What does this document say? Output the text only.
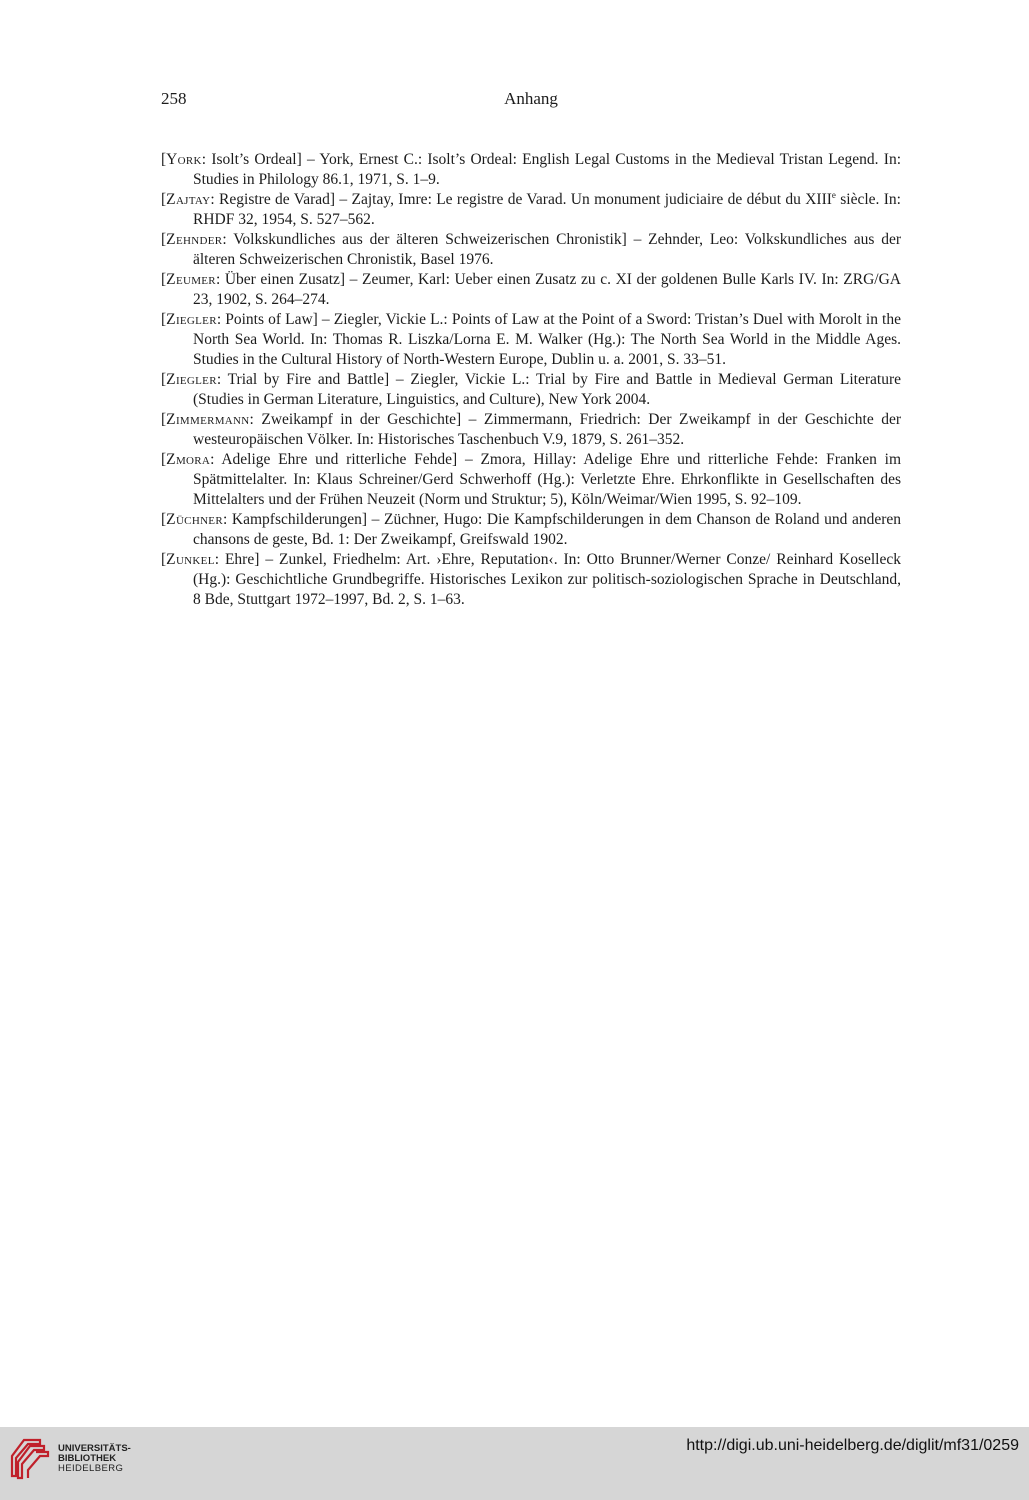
258	Anhang
[York: Isolt’s Ordeal] – York, Ernest C.: Isolt’s Ordeal: English Legal Customs in the Medieval Tristan Legend. In: Studies in Philology 86.1, 1971, S. 1–9.
[Zajtay: Registre de Varad] – Zajtay, Imre: Le registre de Varad. Un monument judiciaire de début du XIIIe siècle. In: RHDF 32, 1954, S. 527–562.
[Zehnder: Volkskundliches aus der älteren Schweizerischen Chronistik] – Zehnder, Leo: Volkskundliches aus der älteren Schweizerischen Chronistik, Basel 1976.
[Zeumer: Über einen Zusatz] – Zeumer, Karl: Ueber einen Zusatz zu c. XI der goldenen Bulle Karls IV. In: ZRG/GA 23, 1902, S. 264–274.
[Ziegler: Points of Law] – Ziegler, Vickie L.: Points of Law at the Point of a Sword: Tristan’s Duel with Morolt in the North Sea World. In: Thomas R. Liszka/Lorna E. M. Walker (Hg.): The North Sea World in the Middle Ages. Studies in the Cultural History of North-Western Europe, Dublin u. a. 2001, S. 33–51.
[Ziegler: Trial by Fire and Battle] – Ziegler, Vickie L.: Trial by Fire and Battle in Medieval German Literature (Studies in German Literature, Linguistics, and Culture), New York 2004.
[Zimmermann: Zweikampf in der Geschichte] – Zimmermann, Friedrich: Der Zweikampf in der Geschichte der westeuropäischen Völker. In: Historisches Taschenbuch V.9, 1879, S. 261–352.
[Zmora: Adelige Ehre und ritterliche Fehde] – Zmora, Hillay: Adelige Ehre und ritterliche Fehde: Franken im Spätmittelalter. In: Klaus Schreiner/Gerd Schwerhoff (Hg.): Verletzte Ehre. Ehrkonflikte in Gesellschaften des Mittelalters und der Frühen Neuzeit (Norm und Struktur; 5), Köln/Weimar/Wien 1995, S. 92–109.
[Züchner: Kampfschilderungen] – Züchner, Hugo: Die Kampfschilderungen in dem Chanson de Roland und anderen chansons de geste, Bd. 1: Der Zweikampf, Greifswald 1902.
[Zunkel: Ehre] – Zunkel, Friedhelm: Art. ›Ehre, Reputation‹. In: Otto Brunner/Werner Conze/ Reinhard Koselleck (Hg.): Geschichtliche Grundbegriffe. Historisches Lexikon zur politisch-soziologischen Sprache in Deutschland, 8 Bde, Stuttgart 1972–1997, Bd. 2, S. 1–63.
UNIVERSITÄTS-
BIBLIOTHEK
HEIDELBERG
http://digi.ub.uni-heidelberg.de/diglit/mf31/0259
